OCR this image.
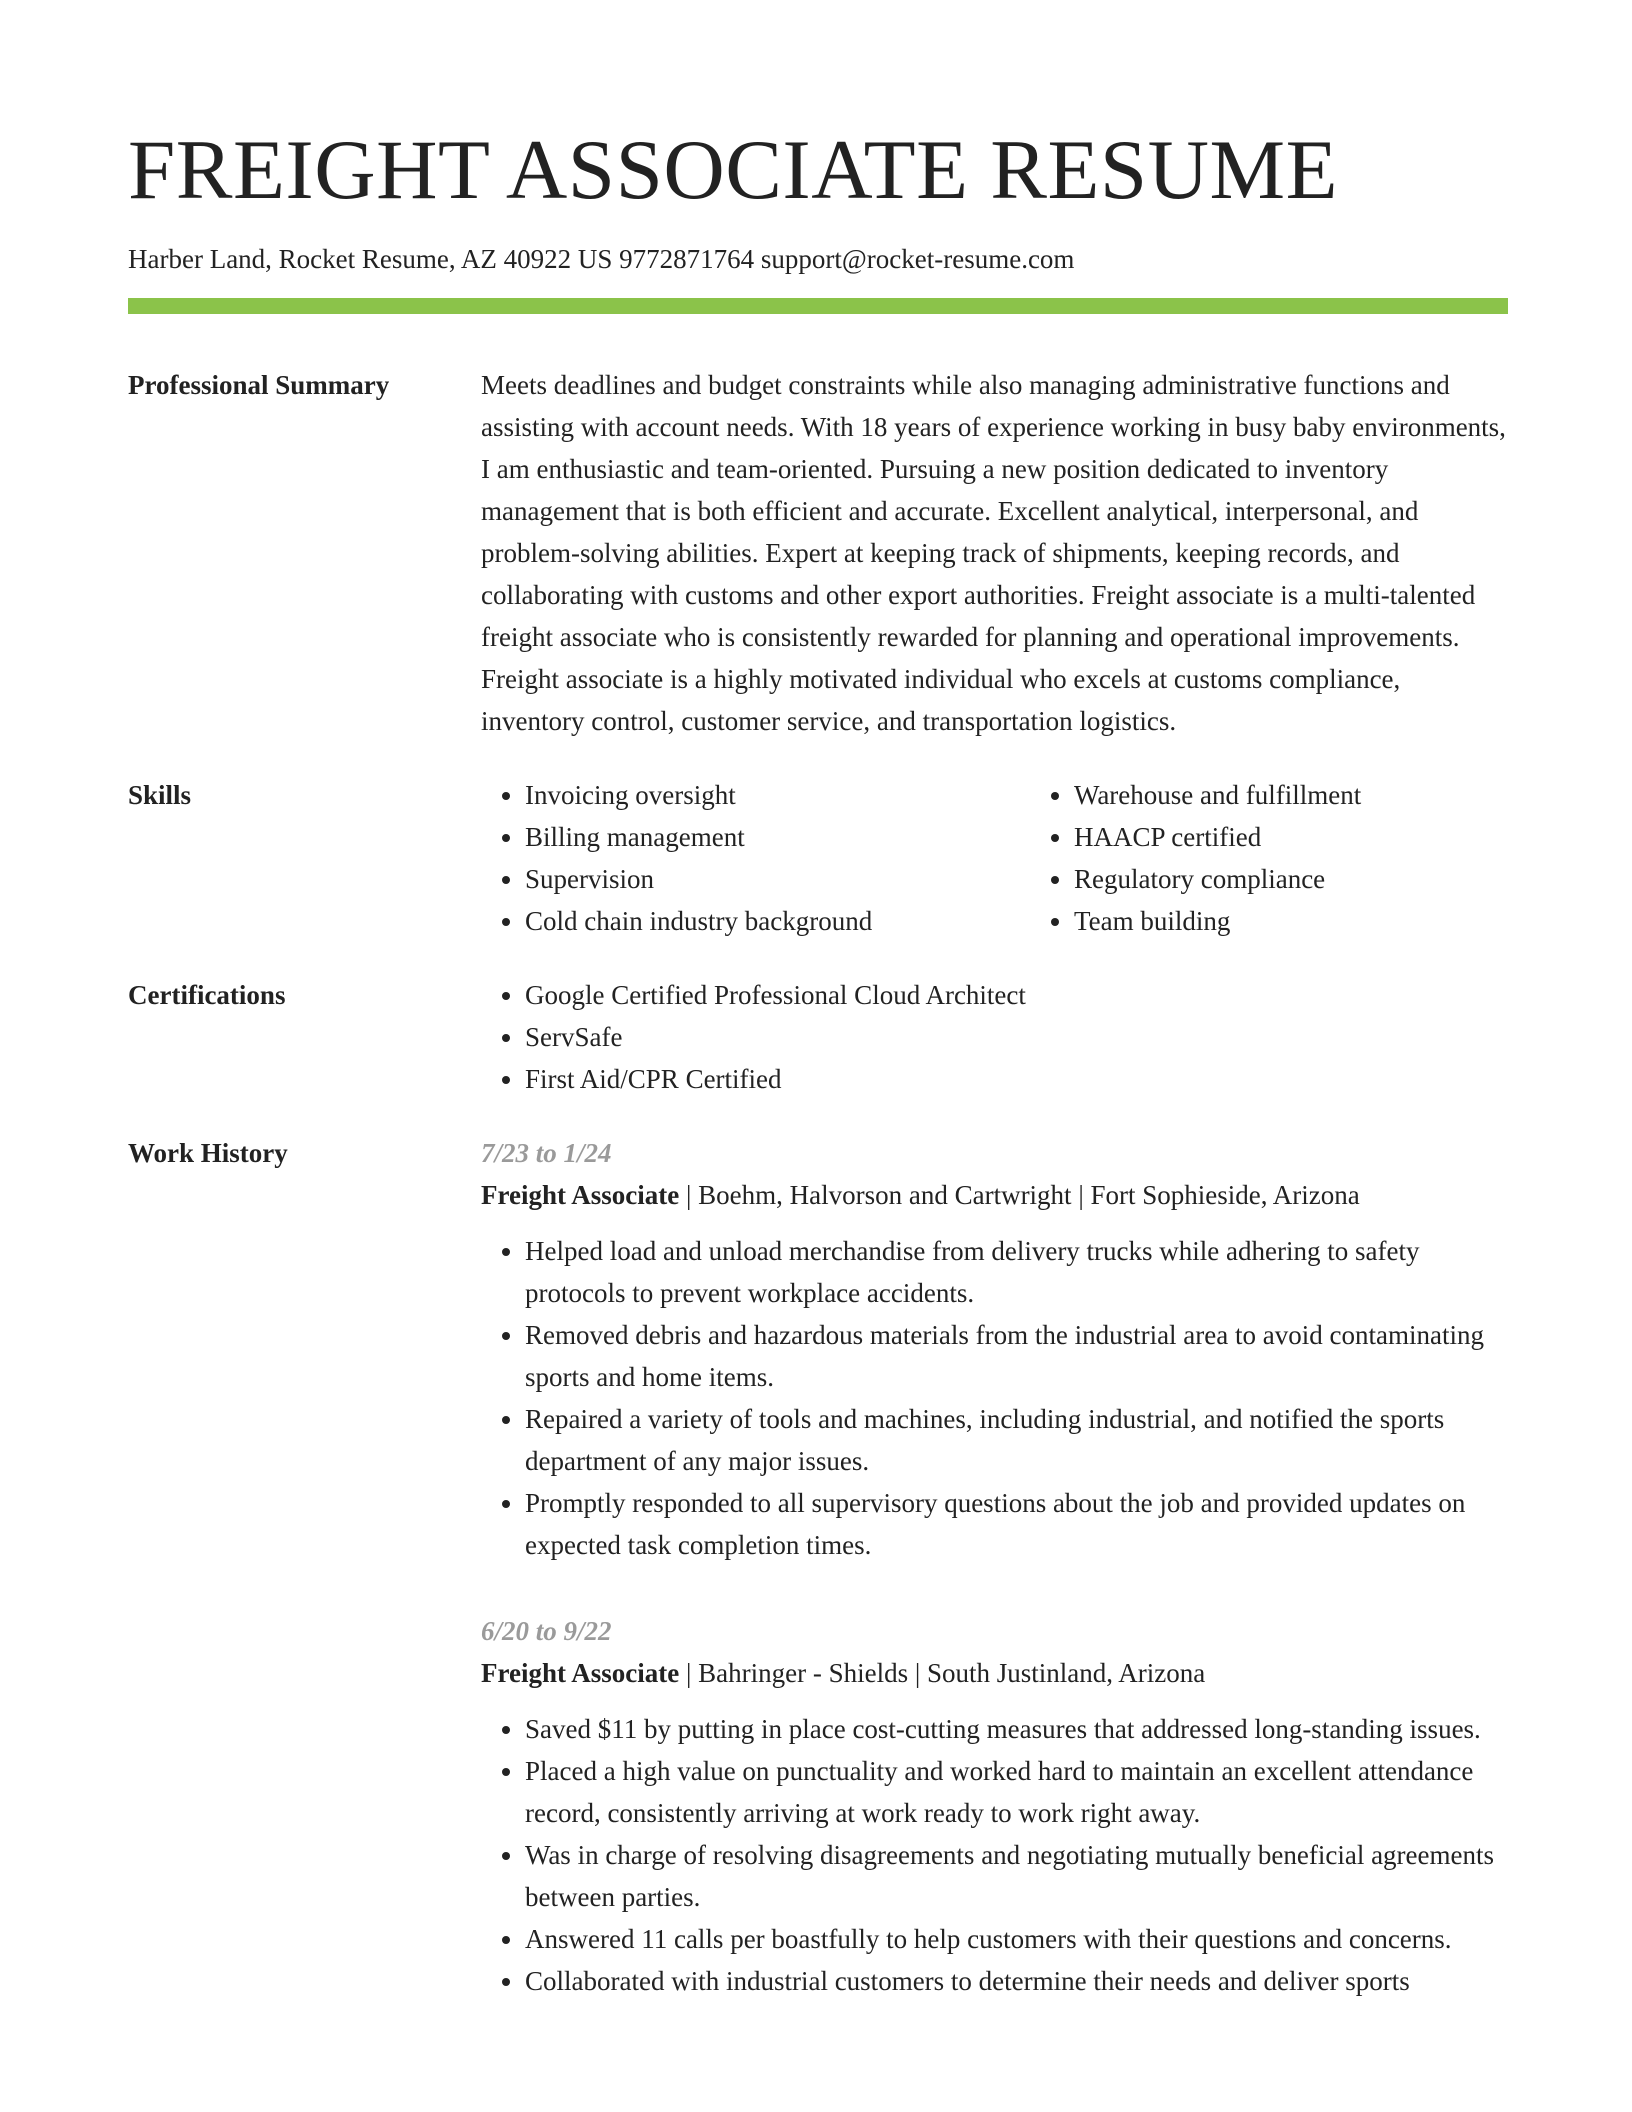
FREIGHT ASSOCIATE RESUME
Harber Land, Rocket Resume, AZ 40922 US 9772871764 support@rocket-resume.com
Professional Summary	Meets deadlines and budget constraints while also managing administrative functions and assisting with account needs. With 18 years of experience working in busy baby environments, I am enthusiastic and team-oriented. Pursuing a new position dedicated to inventory management that is both efficient and accurate. Excellent analytical, interpersonal, and problem-solving abilities. Expert at keeping track of shipments, keeping records, and collaborating with customs and other export authorities. Freight associate is a multi-talented freight associate who is consistently rewarded for planning and operational improvements. Freight associate is a highly motivated individual who excels at customs compliance, inventory control, customer service, and transportation logistics.

Skills	• Invoicing oversight
• Billing management
• Supervision
• Cold chain industry background
• Warehouse and fulfillment
• HAACP certified
• Regulatory compliance
• Team building
Certifications	• Google Certified Professional Cloud Architect
• ServSafe
• First Aid/CPR Certified
Work History	7/23 to 1/24
Freight Associate | Boehm, Halvorson and Cartwright | Fort Sophieside, Arizona
• Helped load and unload merchandise from delivery trucks while adhering to safety protocols to prevent workplace accidents.
• Removed debris and hazardous materials from the industrial area to avoid contaminating sports and home items.
• Repaired a variety of tools and machines, including industrial, and notified the sports department of any major issues.
• Promptly responded to all supervisory questions about the job and provided updates on expected task completion times.
6/20 to 9/22
Freight Associate | Bahringer - Shields | South Justinland, Arizona
• Saved $11 by putting in place cost-cutting measures that addressed long-standing issues.
• Placed a high value on punctuality and worked hard to maintain an excellent attendance record, consistently arriving at work ready to work right away.
• Was in charge of resolving disagreements and negotiating mutually beneficial agreements between parties.
• Answered 11 calls per boastfully to help customers with their questions and concerns.
• Collaborated with industrial customers to determine their needs and deliver sports
